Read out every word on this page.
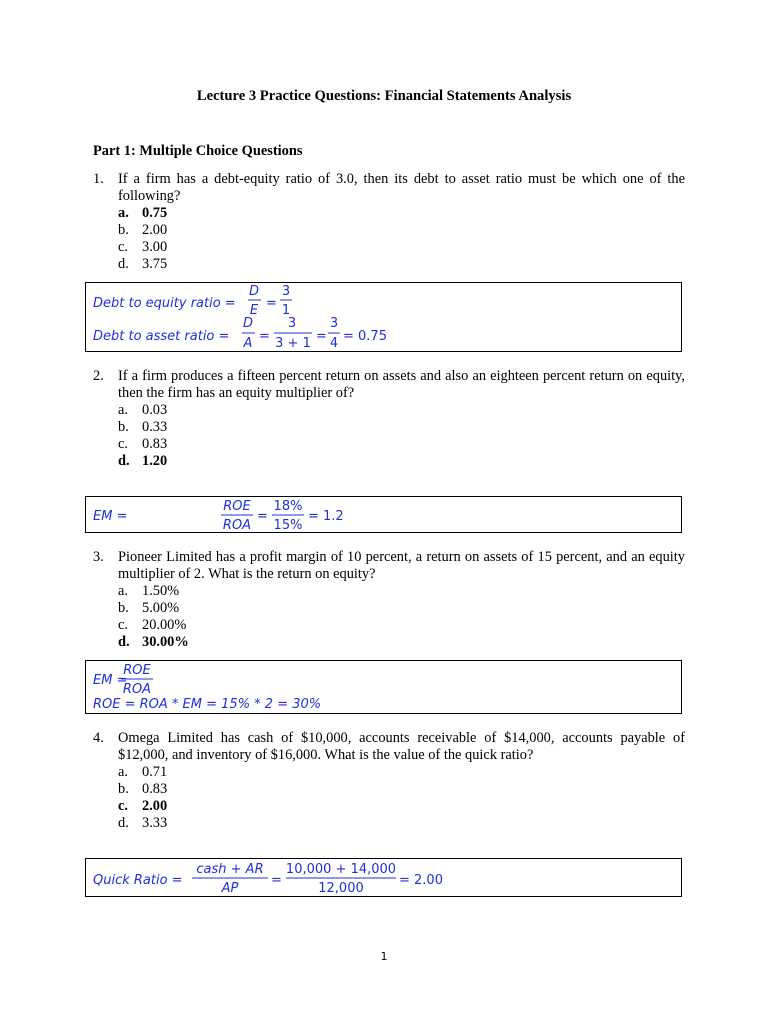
Lecture 3 Practice Questions: Financial Statements Analysis
Part 1: Multiple Choice Questions
1. If a firm has a debt-equity ratio of 3.0, then its debt to asset ratio must be which one of the following?
a. 0.75
b. 2.00
c. 3.00
d. 3.75
Debt to equity ratio =
D
E =
3
1
Debt to asset ratio =
D
A =
3
3 + 1 =
3
4 = 0.75
2. If a firm produces a fifteen percent return on assets and also an eighteen percent return on equity, then the firm has an equity multiplier of?
a. 0.03
b. 0.33
c. 0.83
d. 1.20
EM =
ROE
ROA
=
18%
15%
= 1.2
3. Pioneer Limited has a profit margin of 10 percent, a return on assets of 15 percent, and an equity multiplier of 2. What is the return on equity?
a. 1.50%
b. 5.00%
c. 20.00%
d. 30.00%
EM =
ROE
ROA
ROE = ROA * EM = 15% * 2 = 30%
4. Omega Limited has cash of $10,000, accounts receivable of $14,000, accounts payable of $12,000, and inventory of $16,000. What is the value of the quick ratio?
a. 0.71
b. 0.83
c. 2.00
d. 3.33
Quick Ratio =
cash + AR
AP
=
10,000 + 14,000
12,000
= 2.00
1
